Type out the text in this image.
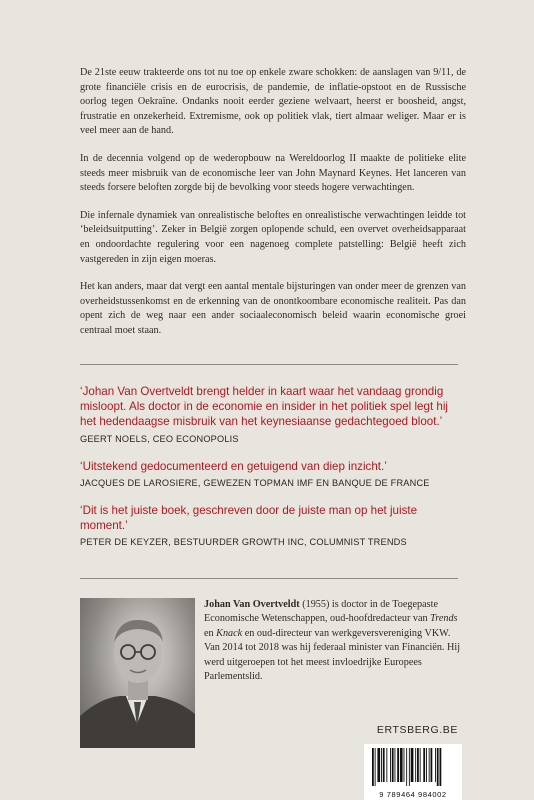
De 21ste eeuw trakteerde ons tot nu toe op enkele zware schokken: de aanslagen van 9/11, de grote financiële crisis en de eurocrisis, de pandemie, de inflatie-opstoot en de Russische oorlog tegen Oekraïne. Ondanks nooit eerder geziene welvaart, heerst er boosheid, angst, frustratie en onzekerheid. Extremisme, ook op politiek vlak, tiert almaar weliger. Maar er is veel meer aan de hand.

In de decennia volgend op de wederopbouw na Wereldoorlog II maakte de politieke elite steeds meer misbruik van de economische leer van John Maynard Keynes. Het lanceren van steeds forsere beloften zorgde bij de bevolking voor steeds hogere verwachtingen.

Die infernale dynamiek van onrealistische beloftes en onrealistische verwachtingen leidde tot ‘beleidsuitputting’. Zeker in België zorgen oplopende schuld, een overvet overheidsapparaat en ondoordachte regulering voor een nagenoeg complete patstelling: België heeft zich vastgereden in zijn eigen moeras.

Het kan anders, maar dat vergt een aantal mentale bijsturingen van onder meer de grenzen van overheidstussenkomst en de erkenning van de onontkoombare economische realiteit. Pas dan opent zich de weg naar een ander sociaaleconomisch beleid waarin economische groei centraal moet staan.

‘Johan Van Overtveldt brengt helder in kaart waar het vandaag grondig misloopt. Als doctor in de economie en insider in het politiek spel legt hij het hedendaagse misbruik van het keynesiaanse gedachtegoed bloot.’

GEERT NOELS, CEO ECONOPOLIS

‘Uitstekend gedocumenteerd en getuigend van diep inzicht.’

JACQUES DE LAROSIERE, GEWEZEN TOPMAN IMF EN BANQUE DE FRANCE

‘Dit is het juiste boek, geschreven door de juiste man op het juiste moment.’

PETER DE KEYZER, BESTUURDER GROWTH INC, COLUMNIST TRENDS
Johan Van Overtveldt (1955) is doctor in de Toegepaste Economische Wetenschappen, oud-hoofdredacteur van Trends en Knack en oud-directeur van werkgeversvereniging VKW. Van 2014 tot 2018 was hij federaal minister van Financiën. Hij werd uitgeroepen tot het meest invloedrijke Europees Parlementslid.
ERTSBERG.BE
9 789464 984002
